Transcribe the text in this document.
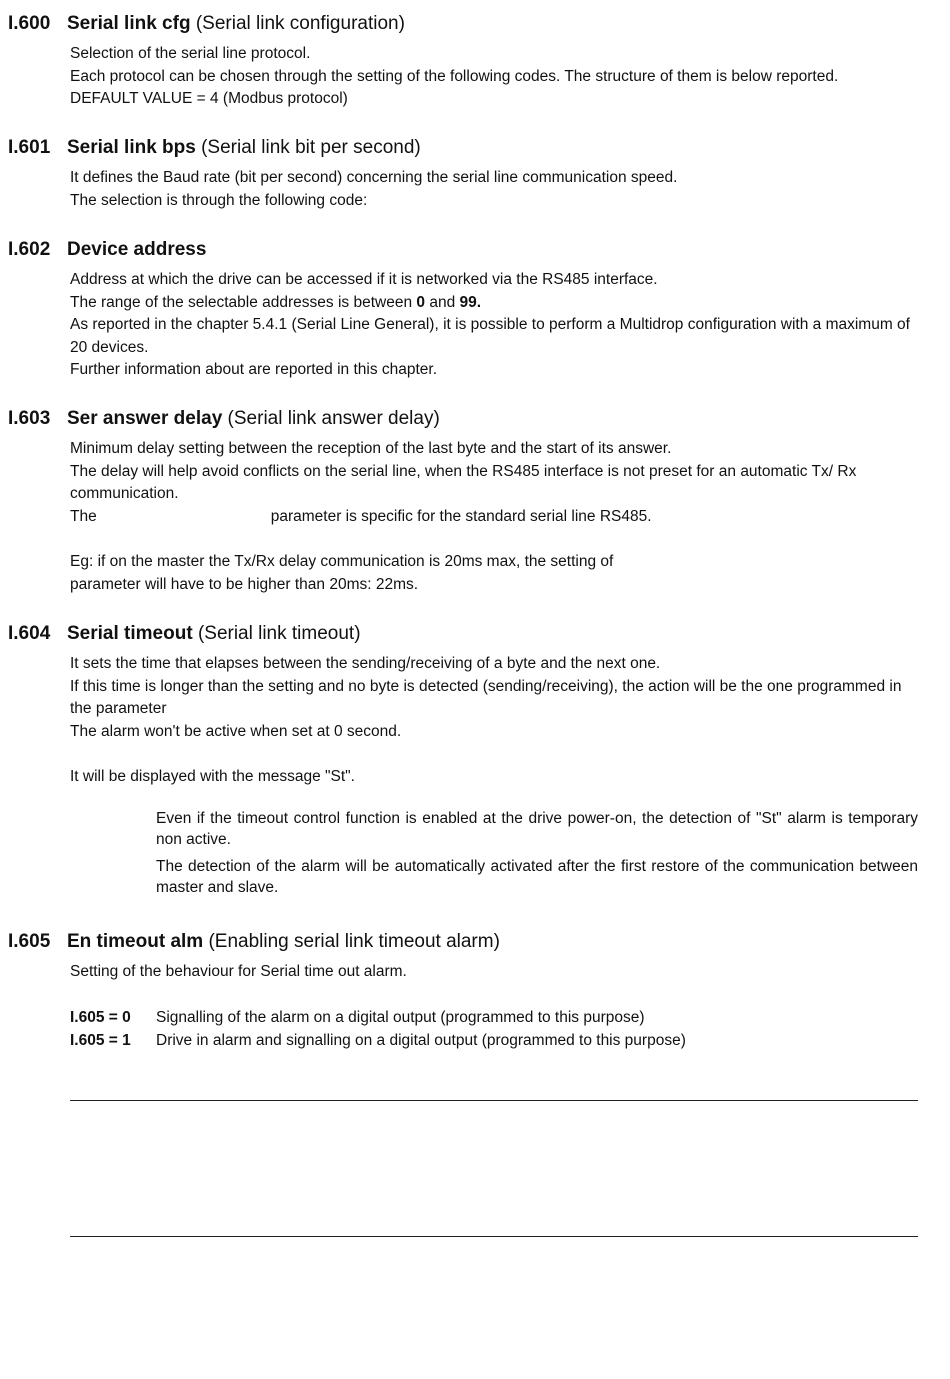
I.600 Serial link cfg (Serial link configuration)

Selection of the serial line protocol.

Each protocol can be chosen through the setting of the following codes. The structure of them is below reported.

DEFAULT VALUE = 4 (Modbus protocol)

I.601 Serial link bps (Serial link bit per second)

It defines the Baud rate (bit per second) concerning the serial line communication speed.

The selection is through the following code:

I.602 Device address

Address at which the drive can be accessed if it is networked via the RS485 interface.

The range of the selectable addresses is between 0 and 99.

As reported in the chapter 5.4.1 (Serial Line General), it is possible to perform a Multidrop configuration with a maximum of 20 devices.

Further information about are reported in this chapter.

I.603 Ser answer delay (Serial link answer delay)

Minimum delay setting between the reception of the last byte and the start of its answer.

The delay will help avoid conflicts on the serial line, when the RS485 interface is not preset for an automatic Tx/ Rx communication.

The	parameter is specific for the standard serial line RS485.

Eg: if on the master the Tx/Rx delay communication is 20ms max, the setting of

parameter will have to be higher than 20ms: 22ms.

I.604 Serial timeout (Serial link timeout)

It sets the time that elapses between the sending/receiving of a byte and the next one.

If this time is longer than the setting and no byte is detected (sending/receiving), the action will be the one programmed in the parameter

The alarm won't be active when set at 0 second.

It will be displayed with the message "St".

Even if the timeout control function is enabled at the drive power-on, the detection of "St" alarm is temporary non active.

The detection of the alarm will be automatically activated after the first restore of the communication between master and slave.

I.605 En timeout alm (Enabling serial link timeout alarm)

Setting of the behaviour for Serial time out alarm.

I.605 = 0	Signalling of the alarm on a digital output (programmed to this purpose)
I.605 = 1	Drive in alarm and signalling on a digital output (programmed to this purpose)
